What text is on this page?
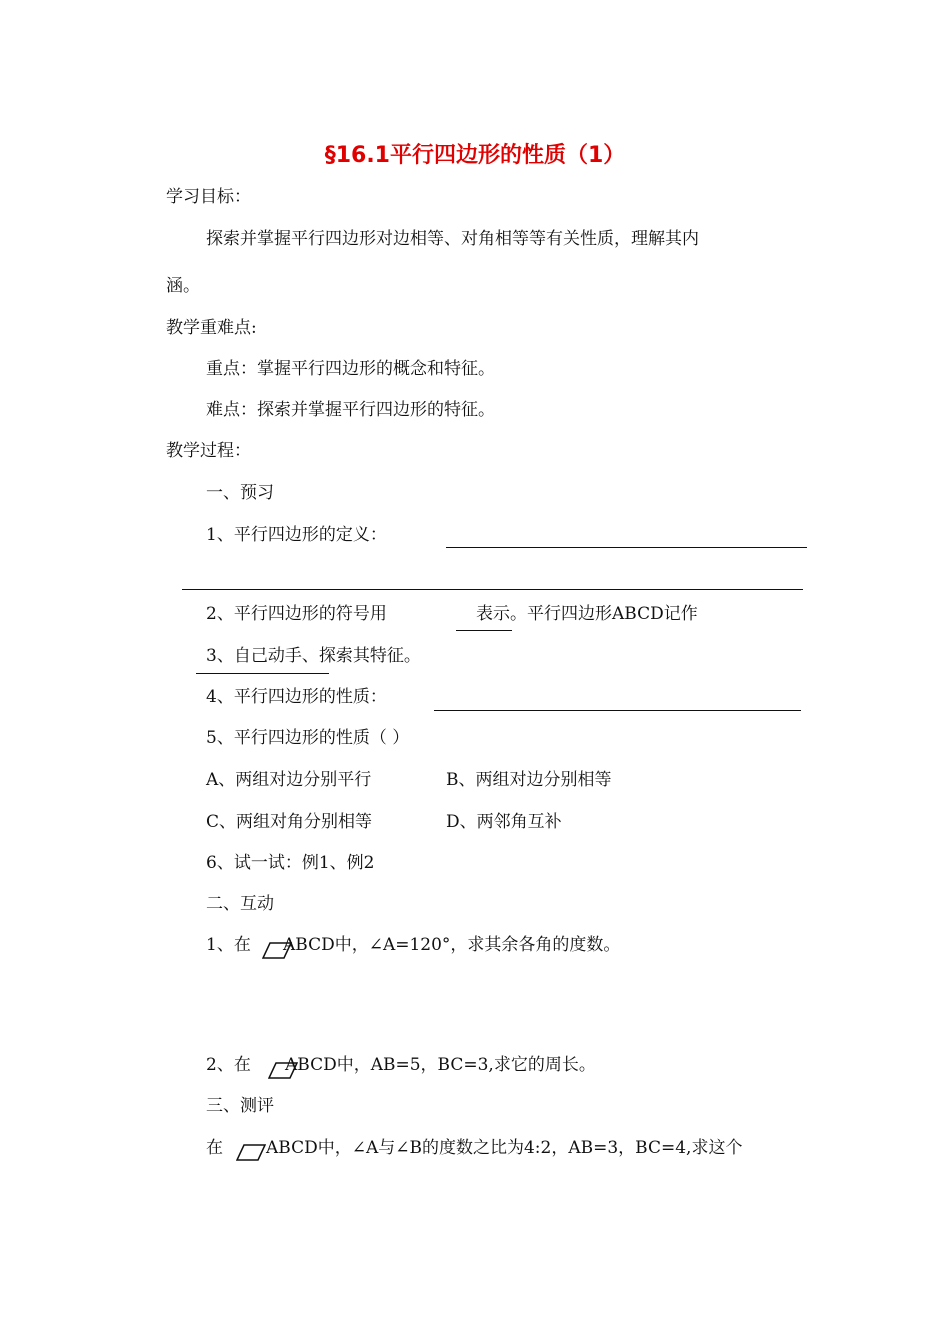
§16.1平行四边形的性质（1）
学习目标：
探索并掌握平行四边形对边相等、对角相等等有关性质，理解其内
涵。
教学重难点:
重点：掌握平行四边形的概念和特征。
难点：探索并掌握平行四边形的特征。
教学过程：
一、预习
1、平行四边形的定义：
2、平行四边形的符号用	表示。平行四边形ABCD记作
3、自己动手、探索其特征。
4、平行四边形的性质：
5、平行四边形的性质（ ）
A、两组对边分别平行	B、两组对边分别相等
C、两组对角分别相等	D、两邻角互补
6、试一试：例1、例2
二、互动
1、在 ABCD中，∠A=120°，求其余各角的度数。
2、在 ABCD中，AB=5，BC=3,求它的周长。
三、测评
在	ABCD中，∠A与∠B的度数之比为4:2，AB=3，BC=4,求这个
